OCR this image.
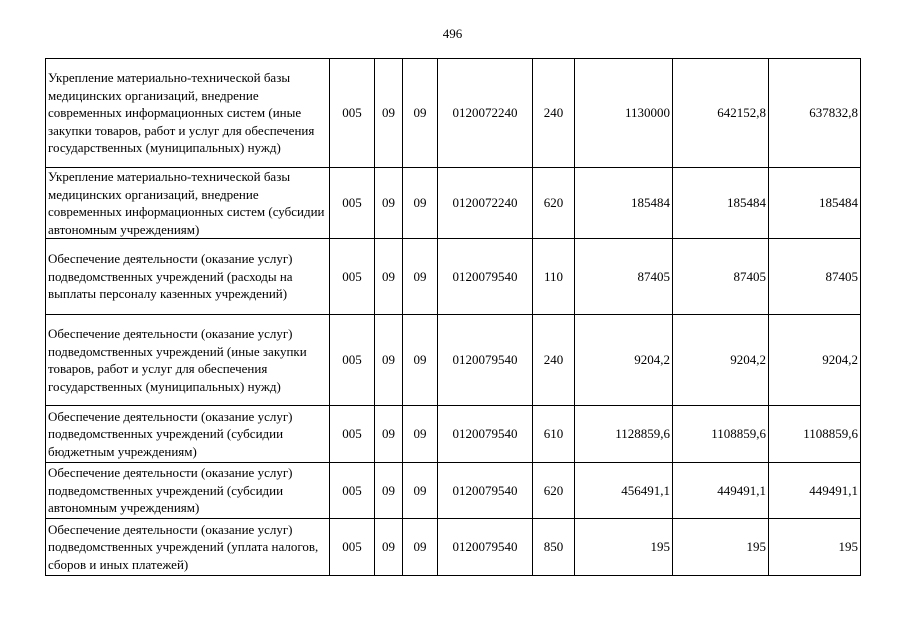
496
Укрепление материально-технической базы медицинских организаций, внедрение современных информационных систем (иные закупки товаров, работ и услуг для обеспечения государственных (муниципальных) нужд)	005	09	09	0120072240	240	1130000	642152,8	637832,8
Укрепление материально-технической базы медицинских организаций, внедрение современных информационных систем (субсидии автономным учреждениям)	005	09	09	0120072240	620	185484	185484	185484
Обеспечение деятельности (оказание услуг) подведомственных учреждений (расходы на выплаты персоналу казенных учреждений)	005	09	09	0120079540	110	87405	87405	87405
Обеспечение деятельности (оказание услуг) подведомственных учреждений (иные закупки товаров, работ и услуг для обеспечения государственных (муниципальных) нужд)	005	09	09	0120079540	240	9204,2	9204,2	9204,2
Обеспечение деятельности (оказание услуг) подведомственных учреждений (субсидии бюджетным учреждениям)	005	09	09	0120079540	610	1128859,6	1108859,6	1108859,6
Обеспечение деятельности (оказание услуг) подведомственных учреждений (субсидии автономным учреждениям)	005	09	09	0120079540	620	456491,1	449491,1	449491,1
Обеспечение деятельности (оказание услуг) подведомственных учреждений (уплата налогов, сборов и иных платежей)	005	09	09	0120079540	850	195	195	195
